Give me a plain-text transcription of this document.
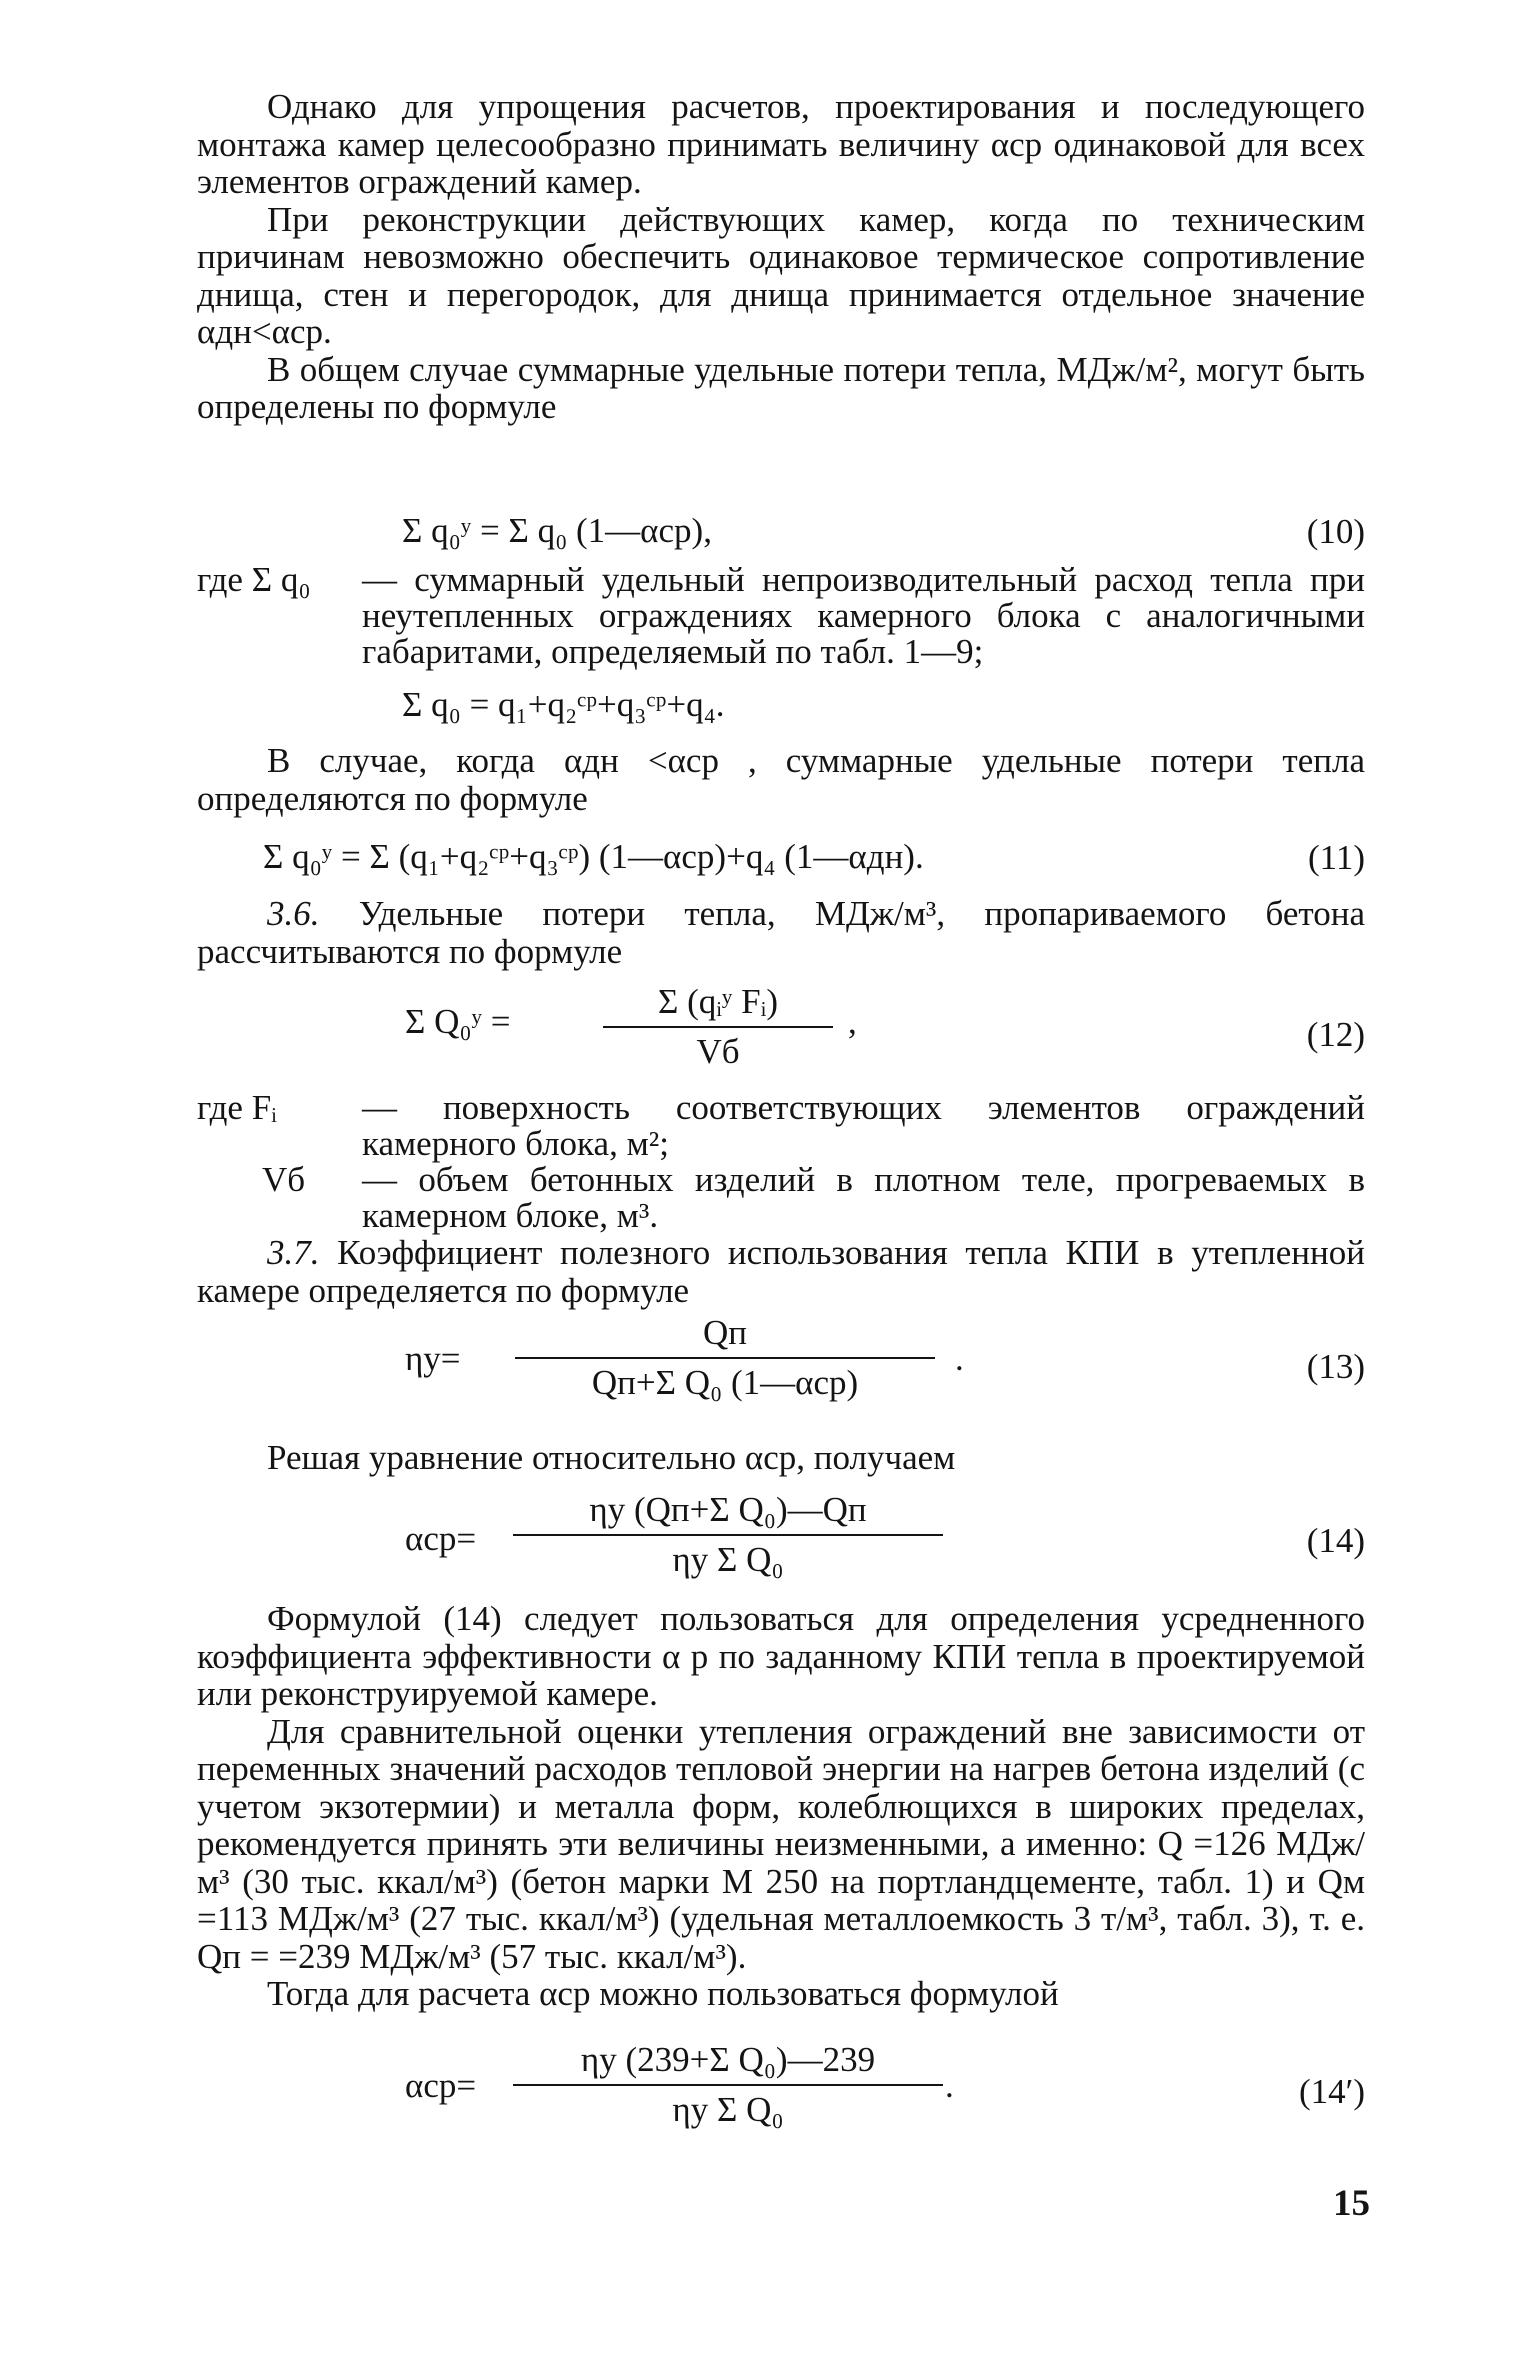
Однако для упрощения расчетов, проектирования и последующего монтажа камер целесообразно принимать величину αср одинаковой для всех элементов ограждений камер.

При реконструкции действующих камер, когда по техническим причинам невозможно обеспечить одинаковое термическое сопротивление днища, стен и перегородок, для днища принимается отдельное значение αдн<αср.

В общем случае суммарные удельные потери тепла, МДж/м², могут быть определены по формуле

Σ q₀ʸ = Σ q₀ (1—αср),	(10)
где Σ q₀ — суммарный удельный непроизводительный расход тепла при неутепленных ограждениях камерного блока с аналогичными габаритами, определяемый по табл. 1—9;
Σ q₀ = q₁+q₂ᶜᵖ+q₃ᶜᵖ+q₄.

В случае, когда αдн <αср , суммарные удельные потери тепла определяются по формуле

Σ q₀ʸ = Σ (q₁+q₂ᶜᵖ+q₃ᶜᵖ) (1—αср)+q₄ (1—αдн).	(11)

3.6. Удельные потери тепла, МДж/м³, пропариваемого бетона рассчитываются по формуле

Σ Q₀ʸ =
Σ (qᵢʸ Fᵢ)
Vб
,	(12)
где Fᵢ — поверхность соответствующих элементов ограждений камерного блока, м²;
Vб — объем бетонных изделий в плотном теле, прогреваемых в камерном блоке, м³.

3.7. Коэффициент полезного использования тепла КПИ в утепленной камере определяется по формуле

ηу=
Qп
Qп+Σ Q₀ (1—αср)
.	(13)

Решая уравнение относительно αср, получаем

αср=
ηу (Qп+Σ Q₀)—Qп
ηу Σ Q₀	(14)

Формулой (14) следует пользоваться для определения усредненного коэффициента эффективности α р по заданному КПИ тепла в проектируемой или реконструируемой камере.

Для сравнительной оценки утепления ограждений вне зависимости от переменных значений расходов тепловой энергии на нагрев бетона изделий (с учетом экзотермии) и металла форм, колеблющихся в широких пределах, рекомендуется принять эти величины неизменными, а именно: Q =126 МДж/м³ (30 тыс. ккал/м³) (бетон марки М 250 на портландцементе, табл. 1) и Qм =113 МДж/м³ (27 тыс. ккал/м³) (удельная металлоемкость 3 т/м³, табл. 3), т. е. Qп = =239 МДж/м³ (57 тыс. ккал/м³).

Тогда для расчета αср можно пользоваться формулой

αср=
ηу (239+Σ Q₀)—239
ηу Σ Q₀
.	(14′)
15
